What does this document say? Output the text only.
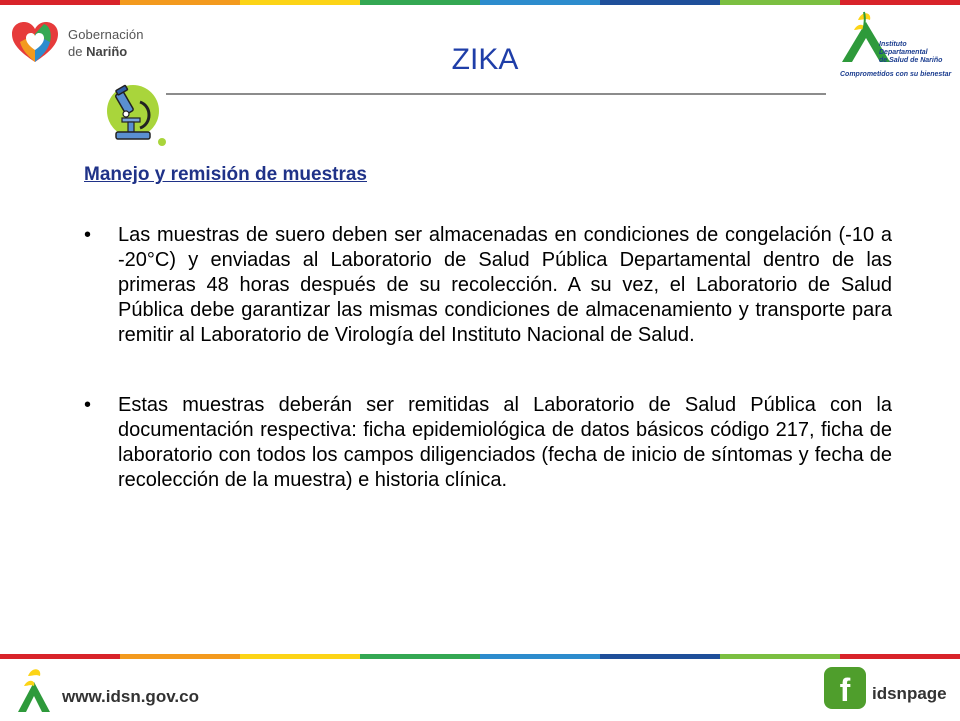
Gobernación
de Nariño	ZIKA	Instituto
Departamental
de Salud de Nariño
Comprometidos con su bienestar
Manejo y remisión de muestras
• Las muestras de suero deben ser almacenadas en condiciones de congelación (-10 a -20°C) y enviadas al Laboratorio de Salud Pública Departamental dentro de las primeras 48 horas después de su recolección. A su vez, el Laboratorio de Salud Pública debe garantizar las mismas condiciones de almacenamiento y transporte para remitir al Laboratorio de Virología del Instituto Nacional de Salud.
• Estas muestras deberán ser remitidas al Laboratorio de Salud Pública con la documentación respectiva: ficha epidemiológica de datos básicos código 217, ficha de laboratorio con todos los campos diligenciados (fecha de inicio de síntomas y fecha de recolección de la muestra) e historia clínica.
www.idsn.gov.co	f	idsnpage
